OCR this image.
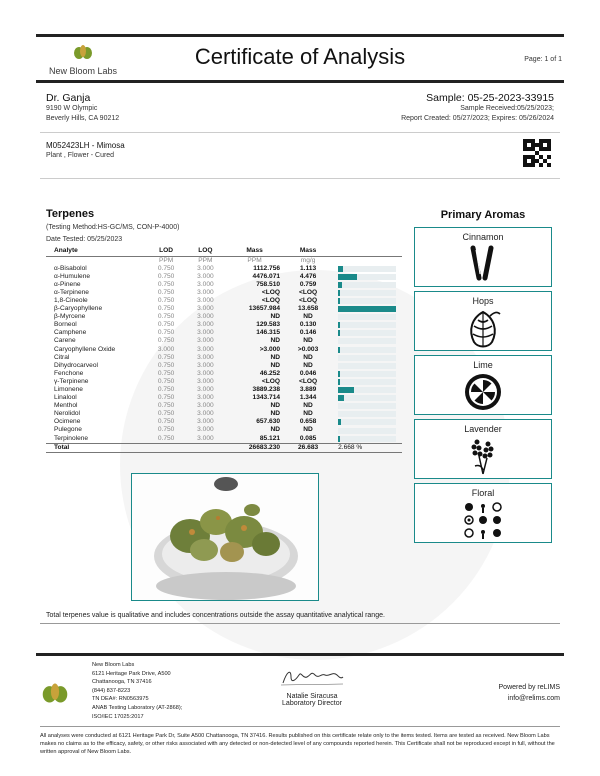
New Bloom Labs
Certificate of Analysis	Page: 1 of 1
Dr. Ganja
9190 W Olympic
Beverly Hills, CA 90212
Sample: 05-25-2023-33915
Sample Received:05/25/2023;
Report Created: 05/27/2023; Expires: 05/26/2024
M052423LH - Mimosa
Plant , Flower - Cured
Terpenes
(Testing Method:HS-GC/MS, CON-P-4000)
Date Tested: 05/25/2023
Analyte	LOD	LOQ	Mass	Mass	
	PPM	PPM	PPM	mg/g	
α-Bisabolol	0.750	3.000	1112.756	1.113	

α-Humulene	0.750	3.000	4476.071	4.476	

α-Pinene	0.750	3.000	758.510	0.759	

α-Terpinene	0.750	3.000	<LOQ	<LOQ	

1,8-Cineole	0.750	3.000	<LOQ	<LOQ	

β-Caryophyllene	0.750	3.000	13657.984	13.658	

β-Myrcene	0.750	3.000	ND	ND	

Borneol	0.750	3.000	129.583	0.130	

Camphene	0.750	3.000	146.315	0.146	

Carene	0.750	3.000	ND	ND	

Caryophyllene Oxide	3.000	3.000	>3.000	>0.003	

Citral	0.750	3.000	ND	ND	

Dihydrocarveol	0.750	3.000	ND	ND	

Fenchone	0.750	3.000	46.252	0.046	

γ-Terpinene	0.750	3.000	<LOQ	<LOQ	

Limonene	0.750	3.000	3889.238	3.889	

Linalool	0.750	3.000	1343.714	1.344	

Menthol	0.750	3.000	ND	ND	

Nerolidol	0.750	3.000	ND	ND	

Ocimene	0.750	3.000	657.630	0.658	

Pulegone	0.750	3.000	ND	ND	

Terpinolene	0.750	3.000	85.121	0.085	

Total			26683.230	26.683	2.668 %
Primary Aromas
Cinnamon
Hops
Lime
Lavender
Floral
Total terpenes value is qualitative and includes concentrations outside the assay quantitative analytical range.
New Bloom Labs
6121 Heritage Park Drive, A500
Chattanooga, TN 37416
(844) 837-8223
TN DEA#: RN0563975
ANAB Testing Laboratory (AT-2868);
ISO/IEC 17025:2017
Natalie Siracusa
Laboratory Director
Powered by reLIMS
info@relims.com
All analyses were conducted at 6121 Heritage Park Dr, Suite A500 Chattanooga, TN 37416. Results published on this certificate relate only to the items tested. Items are tested as received. New Bloom Labs makes no claims as to the efficacy, safety, or other risks associated with any detected or non-detected level of any compounds reported herein. This Certificate shall not be reproduced except in full, without the written approval of New Bloom Labs.
